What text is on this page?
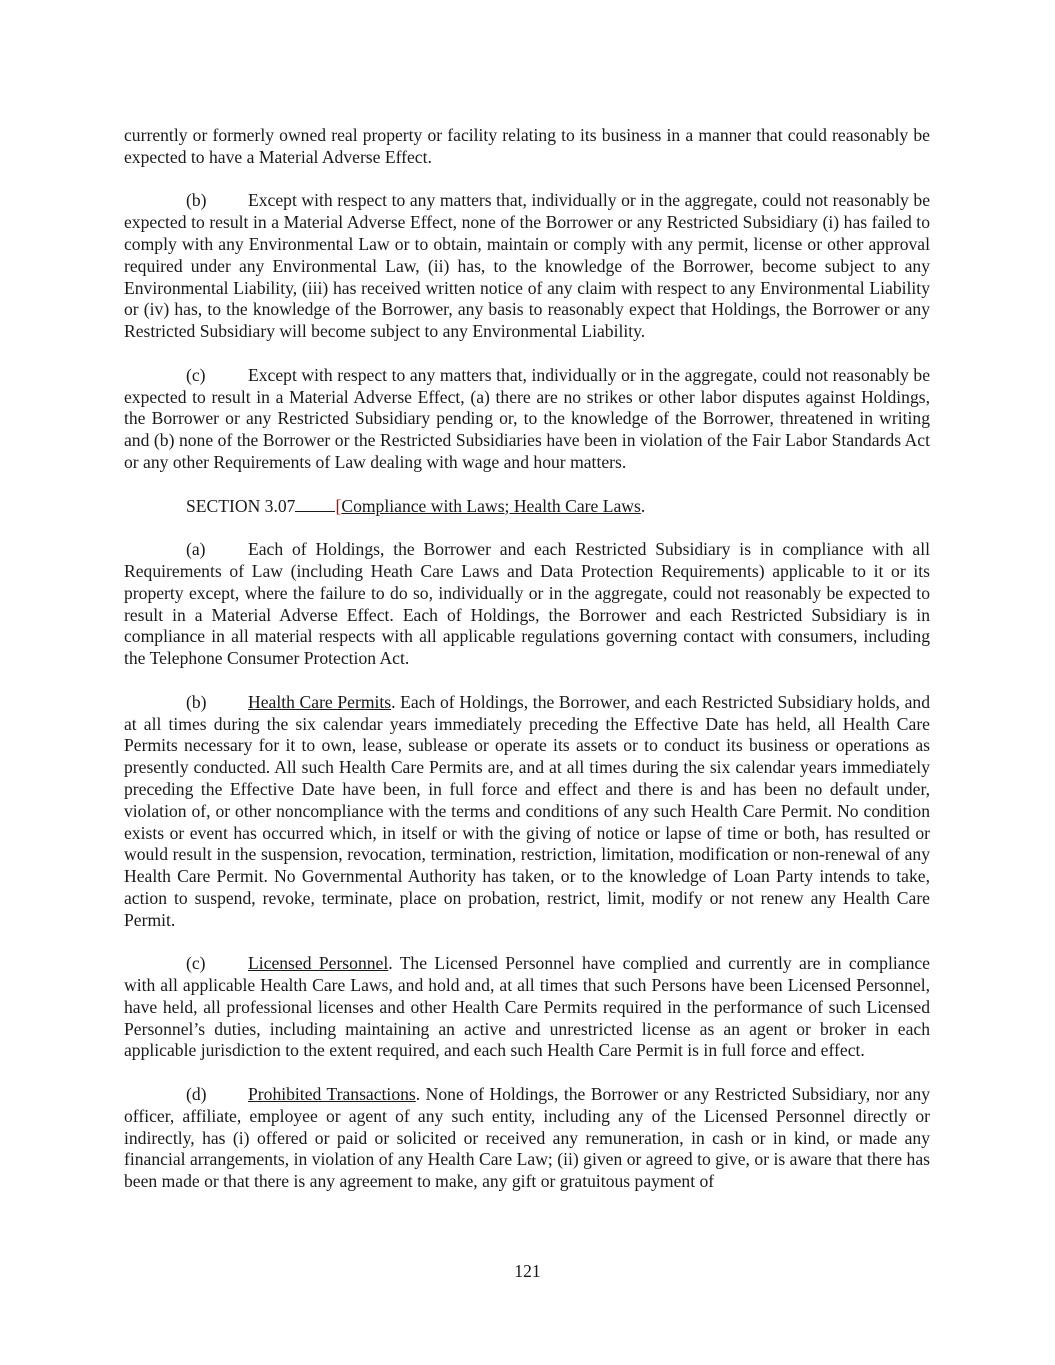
currently or formerly owned real property or facility relating to its business in a manner that could reasonably be expected to have a Material Adverse Effect.

(b) Except with respect to any matters that, individually or in the aggregate, could not reasonably be expected to result in a Material Adverse Effect, none of the Borrower or any Restricted Subsidiary (i) has failed to comply with any Environmental Law or to obtain, maintain or comply with any permit, license or other approval required under any Environmental Law, (ii) has, to the knowledge of the Borrower, become subject to any Environmental Liability, (iii) has received written notice of any claim with respect to any Environmental Liability or (iv) has, to the knowledge of the Borrower, any basis to reasonably expect that Holdings, the Borrower or any Restricted Subsidiary will become subject to any Environmental Liability.

(c) Except with respect to any matters that, individually or in the aggregate, could not reasonably be expected to result in a Material Adverse Effect, (a) there are no strikes or other labor disputes against Holdings, the Borrower or any Restricted Subsidiary pending or, to the knowledge of the Borrower, threatened in writing and (b) none of the Borrower or the Restricted Subsidiaries have been in violation of the Fair Labor Standards Act or any other Requirements of Law dealing with wage and hour matters.

SECTION 3.07 [Compliance with Laws; Health Care Laws.

(a) Each of Holdings, the Borrower and each Restricted Subsidiary is in compliance with all Requirements of Law (including Heath Care Laws and Data Protection Requirements) applicable to it or its property except, where the failure to do so, individually or in the aggregate, could not reasonably be expected to result in a Material Adverse Effect. Each of Holdings, the Borrower and each Restricted Subsidiary is in compliance in all material respects with all applicable regulations governing contact with consumers, including the Telephone Consumer Protection Act.

(b) Health Care Permits. Each of Holdings, the Borrower, and each Restricted Subsidiary holds, and at all times during the six calendar years immediately preceding the Effective Date has held, all Health Care Permits necessary for it to own, lease, sublease or operate its assets or to conduct its business or operations as presently conducted. All such Health Care Permits are, and at all times during the six calendar years immediately preceding the Effective Date have been, in full force and effect and there is and has been no default under, violation of, or other noncompliance with the terms and conditions of any such Health Care Permit. No condition exists or event has occurred which, in itself or with the giving of notice or lapse of time or both, has resulted or would result in the suspension, revocation, termination, restriction, limitation, modification or non-renewal of any Health Care Permit. No Governmental Authority has taken, or to the knowledge of Loan Party intends to take, action to suspend, revoke, terminate, place on probation, restrict, limit, modify or not renew any Health Care Permit.

(c) Licensed Personnel. The Licensed Personnel have complied and currently are in compliance with all applicable Health Care Laws, and hold and, at all times that such Persons have been Licensed Personnel, have held, all professional licenses and other Health Care Permits required in the performance of such Licensed Personnel’s duties, including maintaining an active and unrestricted license as an agent or broker in each applicable jurisdiction to the extent required, and each such Health Care Permit is in full force and effect.

(d) Prohibited Transactions. None of Holdings, the Borrower or any Restricted Subsidiary, nor any officer, affiliate, employee or agent of any such entity, including any of the Licensed Personnel directly or indirectly, has (i) offered or paid or solicited or received any remuneration, in cash or in kind, or made any financial arrangements, in violation of any Health Care Law; (ii) given or agreed to give, or is aware that there has been made or that there is any agreement to make, any gift or gratuitous payment of

121
